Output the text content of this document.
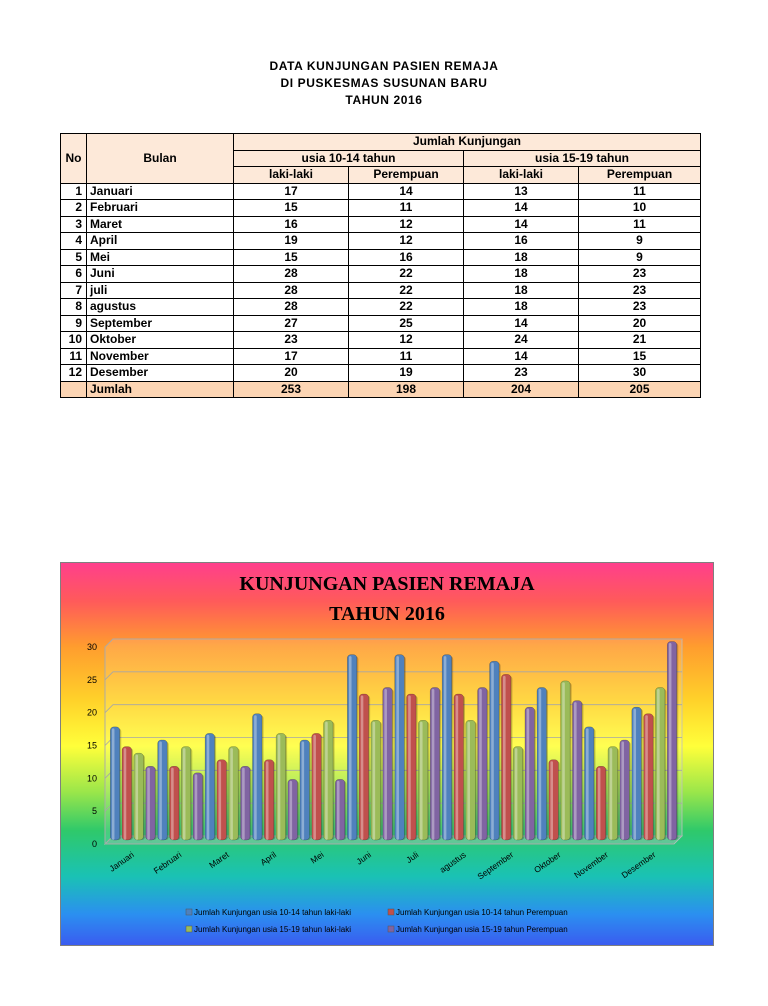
DATA KUNJUNGAN PASIEN REMAJA
DI PUSKESMAS SUSUNAN BARU
TAHUN 2016
No	Bulan	Jumlah Kunjungan			
		usia 10-14 tahun		usia 15-19 tahun	
		laki-laki	Perempuan	laki-laki	Perempuan
1	Januari	17	14	13	11
2	Februari	15	11	14	10
3	Maret	16	12	14	11
4	April	19	12	16	9
5	Mei	15	16	18	9
6	Juni	28	22	18	23
7	juli	28	22	18	23
8	agustus	28	22	18	23
9	September	27	25	14	20
10	Oktober	23	12	24	21
11	November	17	11	14	15
12	Desember	20	19	23	30
	Jumlah	253	198	204	205
KUNJUNGAN PASIEN REMAJA
TAHUN 2016
0
5
10
15
20
25
30
Januari Februari	Maret	April	Mei	Juni	Juli agustus September Oktober November Desember
Jumlah Kunjungan usia 10-14 tahun laki-laki	Jumlah Kunjungan usia 10-14 tahun Perempuan
Jumlah Kunjungan usia 15-19 tahun laki-laki	Jumlah Kunjungan usia 15-19 tahun Perempuan
